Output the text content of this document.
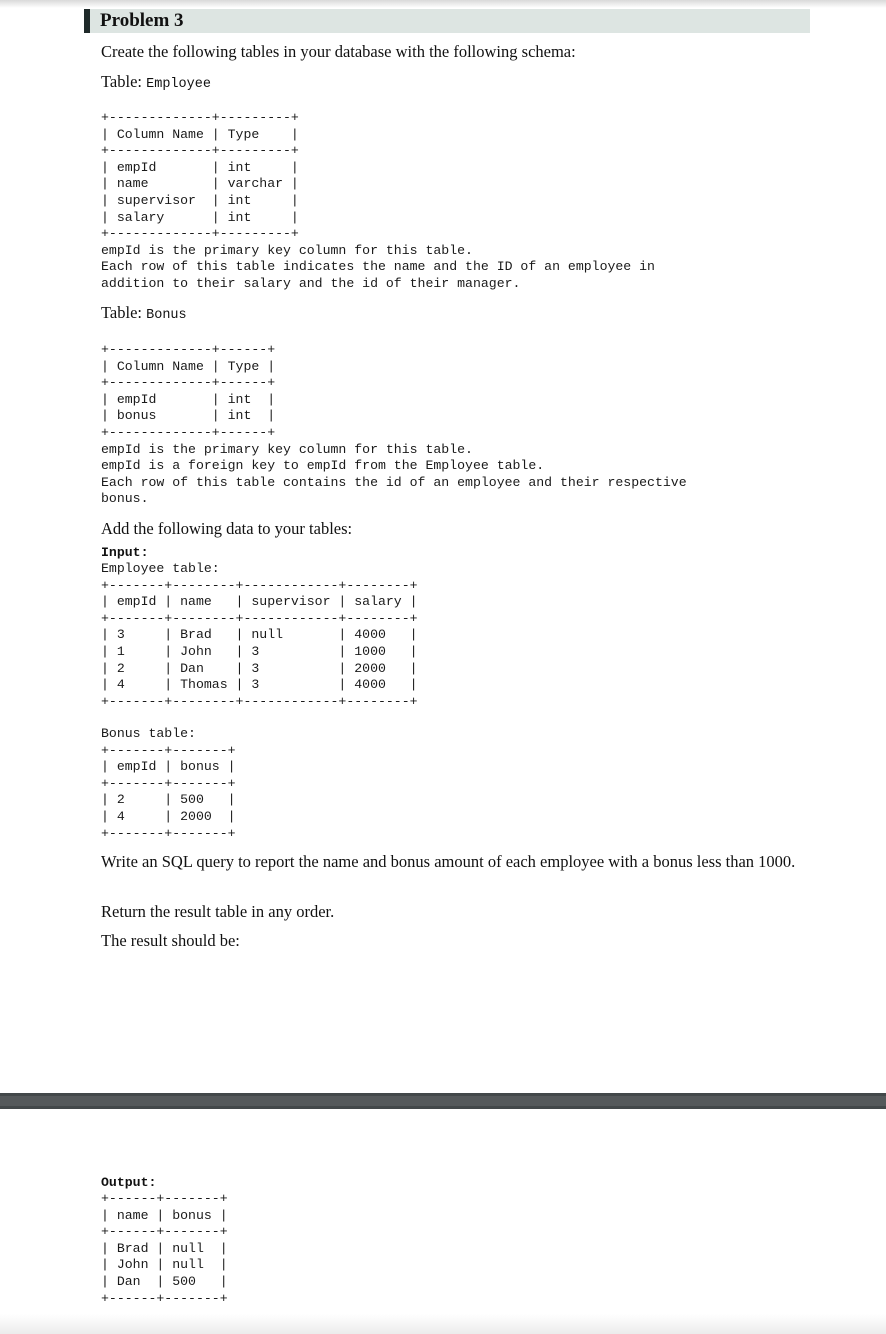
Problem 3
Create the following tables in your database with the following schema:
Table: Employee
+-------------+---------+
| Column Name | Type    |
+-------------+---------+
| empId       | int     |
| name        | varchar |
| supervisor  | int     |
| salary      | int     |
+-------------+---------+
empId is the primary key column for this table.
Each row of this table indicates the name and the ID of an employee in
addition to their salary and the id of their manager.
Table: Bonus
+-------------+------+
| Column Name | Type |
+-------------+------+
| empId       | int  |
| bonus       | int  |
+-------------+------+
empId is the primary key column for this table.
empId is a foreign key to empId from the Employee table.
Each row of this table contains the id of an employee and their respective
bonus.
Add the following data to your tables:
Input:
Employee table:
+-------+--------+------------+--------+
| empId | name   | supervisor | salary |
+-------+--------+------------+--------+
| 3     | Brad   | null       | 4000   |
| 1     | John   | 3          | 1000   |
| 2     | Dan    | 3          | 2000   |
| 4     | Thomas | 3          | 4000   |
+-------+--------+------------+--------+
Bonus table:
+-------+-------+
| empId | bonus |
+-------+-------+
| 2     | 500   |
| 4     | 2000  |
+-------+-------+
Write an SQL query to report the name and bonus amount of each employee with a bonus less than 1000.
Return the result table in any order.
The result should be:
Output:
+------+-------+
| name | bonus |
+------+-------+
| Brad | null  |
| John | null  |
| Dan  | 500   |
+------+-------+
